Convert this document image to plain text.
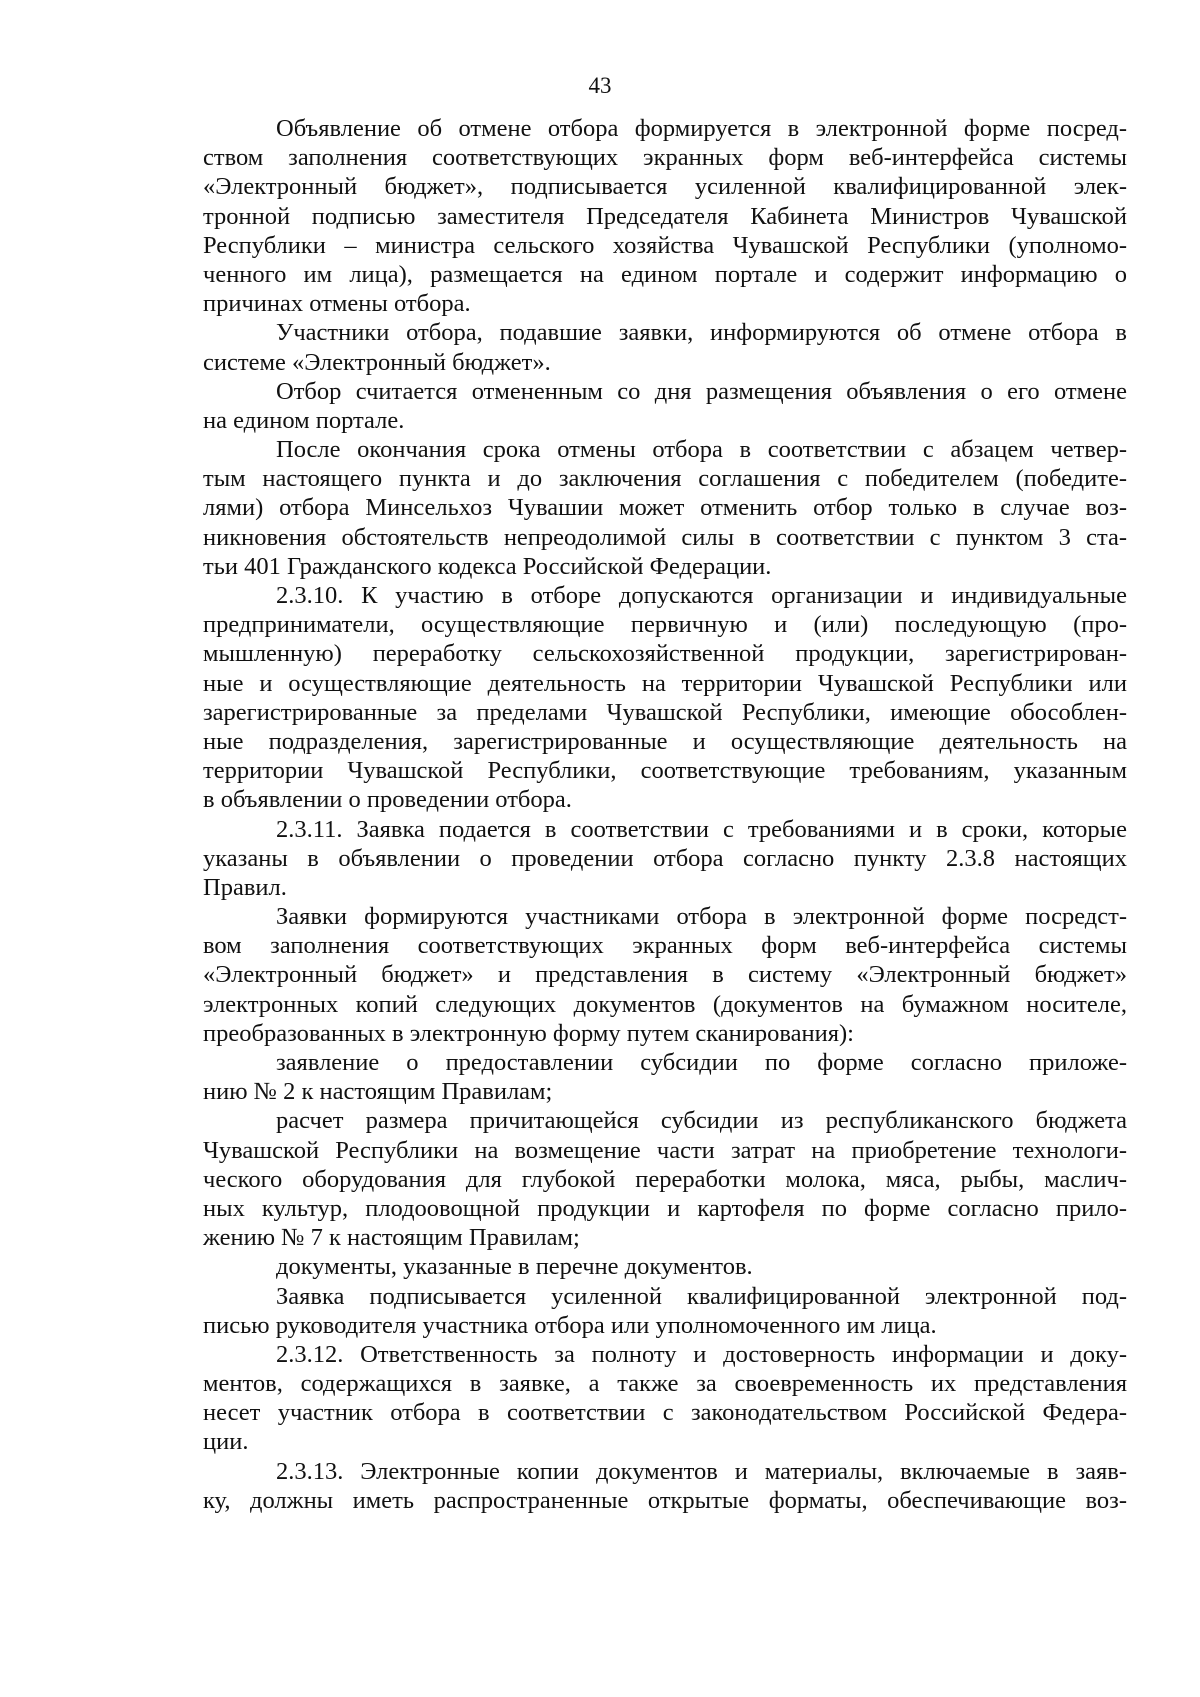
43
Объявление об отмене отбора формируется в электронной форме посред-
ством заполнения соответствующих экранных форм веб-интерфейса системы
«Электронный бюджет», подписывается усиленной квалифицированной элек-
тронной подписью заместителя Председателя Кабинета Министров Чувашской
Республики – министра сельского хозяйства Чувашской Республики (уполномо-
ченного им лица), размещается на едином портале и содержит информацию о
причинах отмены отбора.
Участники отбора, подавшие заявки, информируются об отмене отбора в
системе «Электронный бюджет».
Отбор считается отмененным со дня размещения объявления о его отмене
на едином портале.
После окончания срока отмены отбора в соответствии с абзацем четвер-
тым настоящего пункта и до заключения соглашения с победителем (победите-
лями) отбора Минсельхоз Чувашии может отменить отбор только в случае воз-
никновения обстоятельств непреодолимой силы в соответствии с пунктом 3 ста-
тьи 401 Гражданского кодекса Российской Федерации.
2.3.10. К участию в отборе допускаются организации и индивидуальные
предприниматели, осуществляющие первичную и (или) последующую (про-
мышленную) переработку сельскохозяйственной продукции, зарегистрирован-
ные и осуществляющие деятельность на территории Чувашской Республики или
зарегистрированные за пределами Чувашской Республики, имеющие обособлен-
ные подразделения, зарегистрированные и осуществляющие деятельность на
территории Чувашской Республики, соответствующие требованиям, указанным
в объявлении о проведении отбора.
2.3.11. Заявка подается в соответствии с требованиями и в сроки, которые
указаны в объявлении о проведении отбора согласно пункту 2.3.8 настоящих
Правил.
Заявки формируются участниками отбора в электронной форме посредст-
вом заполнения соответствующих экранных форм веб-интерфейса системы
«Электронный бюджет» и представления в систему «Электронный бюджет»
электронных копий следующих документов (документов на бумажном носителе,
преобразованных в электронную форму путем сканирования):
заявление о предоставлении субсидии по форме согласно приложе-
нию № 2 к настоящим Правилам;
расчет размера причитающейся субсидии из республиканского бюджета
Чувашской Республики на возмещение части затрат на приобретение технологи-
ческого оборудования для глубокой переработки молока, мяса, рыбы, маслич-
ных культур, плодоовощной продукции и картофеля по форме согласно прило-
жению № 7 к настоящим Правилам;
документы, указанные в перечне документов.
Заявка подписывается усиленной квалифицированной электронной под-
писью руководителя участника отбора или уполномоченного им лица.
2.3.12. Ответственность за полноту и достоверность информации и доку-
ментов, содержащихся в заявке, а также за своевременность их представления
несет участник отбора в соответствии с законодательством Российской Федера-
ции.
2.3.13. Электронные копии документов и материалы, включаемые в заяв-
ку, должны иметь распространенные открытые форматы, обеспечивающие воз-
